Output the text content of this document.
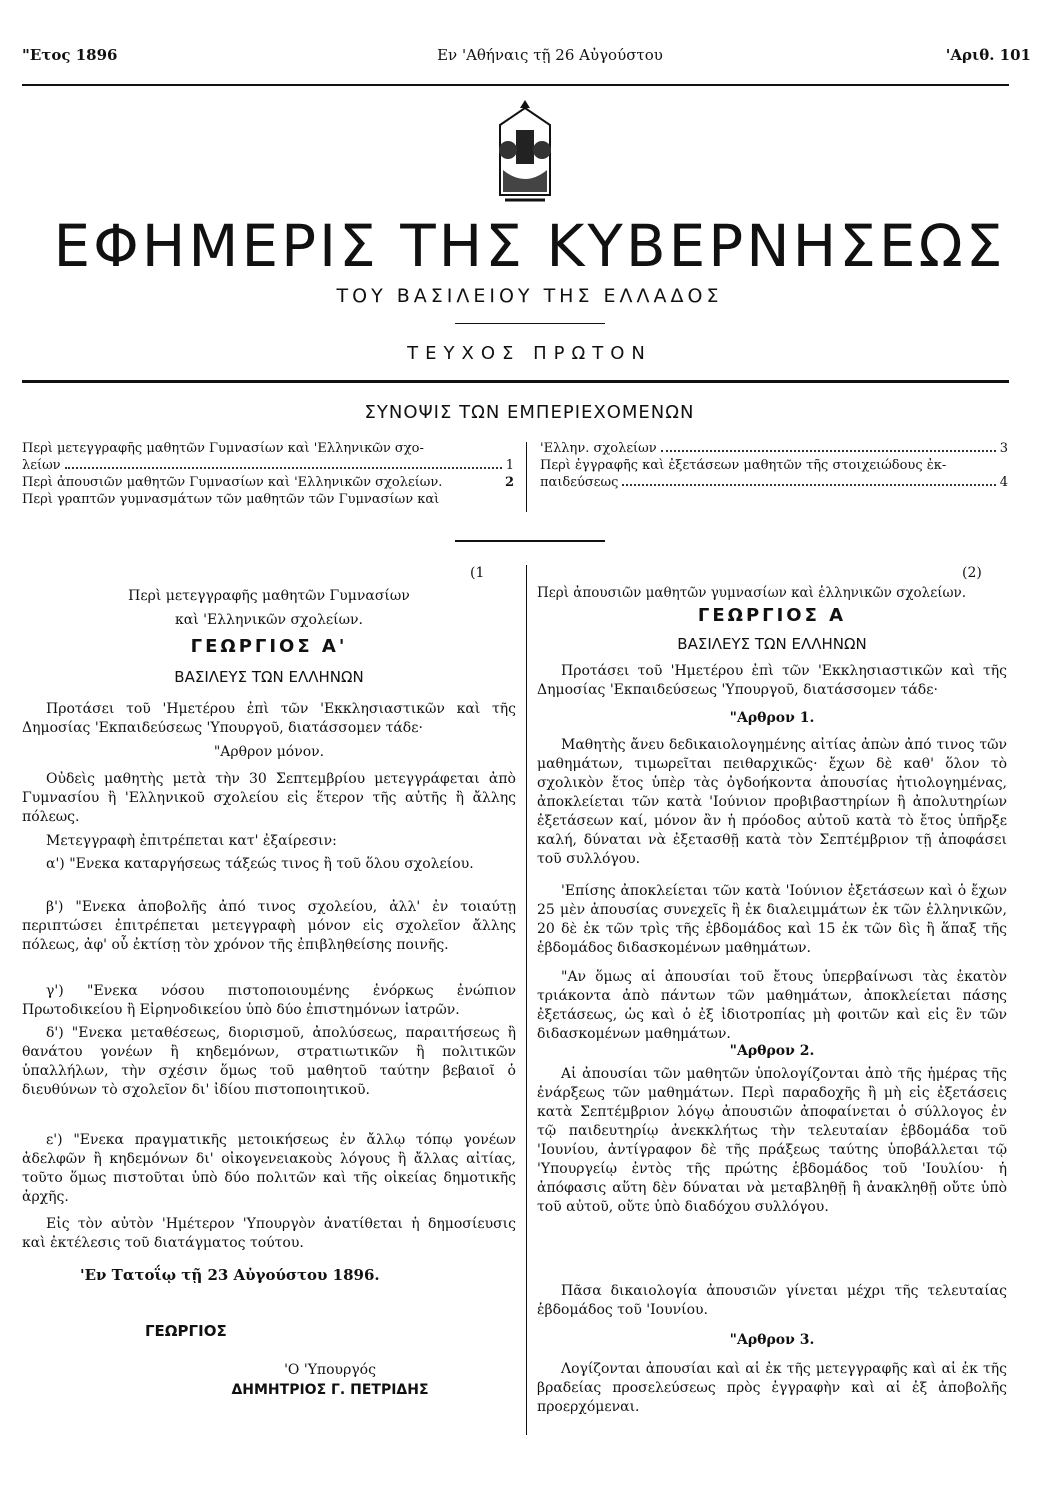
"Ετος 1896	Εν 'Αθήναις τῇ 26 Αὐγούστου	'Αριθ. 101
ΕΦΗΜΕΡΙΣ ΤΗΣ ΚΥΒΕΡΝΗΣΕΩΣ
ΤΟΥ ΒΑΣΙΛΕΙΟΥ ΤΗΣ ΕΛΛΑΔΟΣ
ΤΕΥΧΟΣ ΠΡΩΤΟΝ
ΣΥΝΟΨΙΣ ΤΩΝ ΕΜΠΕΡΙΕΧΟΜΕΝΩΝ
Περὶ μετεγγραφῆς μαθητῶν Γυμνασίων καὶ 'Ελληνικῶν σχο-
λείων	1
Περὶ ἀπουσιῶν μαθητῶν Γυμνασίων καὶ 'Ελληνικῶν σχολείων.	2
Περὶ γραπτῶν γυμνασμάτων τῶν μαθητῶν τῶν Γυμνασίων καὶ
'Ελλην. σχολείων	3
Περὶ ἐγγραφῆς καὶ ἐξετάσεων μαθητῶν τῆς στοιχειώδους ἐκ-
παιδεύσεως	4
(1
Περὶ μετεγγραφῆς μαθητῶν Γυμνασίων
καὶ 'Ελληνικῶν σχολείων.
ΓΕΩΡΓΙΟΣ Α'
ΒΑΣΙΛΕΥΣ ΤΩΝ ΕΛΛΗΝΩΝ

Προτάσει τοῦ 'Ημετέρου ἐπὶ τῶν 'Εκκλησιαστικῶν καὶ τῆς Δημοσίας 'Εκπαιδεύσεως 'Υπουργοῦ, διατάσσομεν τάδε·

"Αρθρον μόνον.

Οὐδεὶς μαθητὴς μετὰ τὴν 30 Σεπτεμβρίου μετεγγράφεται ἀπὸ Γυμνασίου ἢ 'Ελληνικοῦ σχολείου εἰς ἕτερον τῆς αὐτῆς ἢ ἄλλης πόλεως.

Μετεγγραφὴ ἐπιτρέπεται κατ' ἐξαίρεσιν:

α') "Ενεκα καταργήσεως τάξεώς τινος ἢ τοῦ ὅλου σχολείου.

β') "Ενεκα ἀποβολῆς ἀπό τινος σχολείου, ἀλλ' ἐν τοιαύτῃ περιπτώσει ἐπιτρέπεται μετεγγραφὴ μόνον εἰς σχολεῖον ἄλλης πόλεως, ἀφ' οὗ ἐκτίσῃ τὸν χρόνον τῆς ἐπιβληθείσης ποινῆς.

γ') "Ενεκα νόσου πιστοποιουμένης ἐνόρκως ἐνώπιον Πρωτοδικείου ἢ Εἰρηνοδικείου ὑπὸ δύο ἐπιστημόνων ἰατρῶν.

δ') "Ενεκα μεταθέσεως, διορισμοῦ, ἀπολύσεως, παραιτήσεως ἢ θανάτου γονέων ἢ κηδεμόνων, στρατιωτικῶν ἢ πολιτικῶν ὑπαλλήλων, τὴν σχέσιν ὅμως τοῦ μαθητοῦ ταύτην βεβαιοῖ ὁ διευθύνων τὸ σχολεῖον δι' ἰδίου πιστοποιητικοῦ.

ε') "Ενεκα πραγματικῆς μετοικήσεως ἐν ἄλλῳ τόπῳ γονέων ἀδελφῶν ἢ κηδεμόνων δι' οἰκογενειακοὺς λόγους ἢ ἄλλας αἰτίας, τοῦτο ὅμως πιστοῦται ὑπὸ δύο πολιτῶν καὶ τῆς οἰκείας δημοτικῆς ἀρχῆς.

Εἰς τὸν αὐτὸν 'Ημέτερον 'Υπουργὸν ἀνατίθεται ἡ δημοσίευσις καὶ ἐκτέλεσις τοῦ διατάγματος τούτου.

'Εν Τατοΐῳ τῇ 23 Αὐγούστου 1896.
ΓΕΩΡΓΙΟΣ
'Ο 'Υπουργός
ΔΗΜΗΤΡΙΟΣ Γ. ΠΕΤΡΙΔΗΣ
(2)
Περὶ ἀπουσιῶν μαθητῶν γυμνασίων καὶ ἑλληνικῶν σχολείων.
ΓΕΩΡΓΙΟΣ Α
ΒΑΣΙΛΕΥΣ ΤΩΝ ΕΛΛΗΝΩΝ

Προτάσει τοῦ 'Ημετέρου ἐπὶ τῶν 'Εκκλησιαστικῶν καὶ τῆς Δημοσίας 'Εκπαιδεύσεως 'Υπουργοῦ, διατάσσομεν τάδε·

"Αρθρον 1.

Μαθητὴς ἄνευ δεδικαιολογημένης αἰτίας ἀπὼν ἀπό τινος τῶν μαθημάτων, τιμωρεῖται πειθαρχικῶς· ἔχων δὲ καθ' ὅλον τὸ σχολικὸν ἔτος ὑπὲρ τὰς ὀγδοήκοντα ἀπουσίας ἠτιολογημένας, ἀποκλείεται τῶν κατὰ 'Ιούνιον προβιβαστηρίων ἢ ἀπολυτηρίων ἐξετάσεων καί, μόνον ἂν ἡ πρόοδος αὐτοῦ κατὰ τὸ ἔτος ὑπῆρξε καλή, δύναται νὰ ἐξετασθῇ κατὰ τὸν Σεπτέμβριον τῇ ἀποφάσει τοῦ συλλόγου.

'Επίσης ἀποκλείεται τῶν κατὰ 'Ιούνιον ἐξετάσεων καὶ ὁ ἔχων 25 μὲν ἀπουσίας συνεχεῖς ἢ ἐκ διαλειμμάτων ἐκ τῶν ἑλληνικῶν, 20 δὲ ἐκ τῶν τρὶς τῆς ἑβδομάδος καὶ 15 ἐκ τῶν δὶς ἢ ἅπαξ τῆς ἑβδομάδος διδασκομένων μαθημάτων.

"Αν ὅμως αἱ ἀπουσίαι τοῦ ἔτους ὑπερβαίνωσι τὰς ἑκατὸν τριάκοντα ἀπὸ πάντων τῶν μαθημάτων, ἀποκλείεται πάσης ἐξετάσεως, ὡς καὶ ὁ ἐξ ἰδιοτροπίας μὴ φοιτῶν καὶ εἰς ἓν τῶν διδασκομένων μαθημάτων.

"Αρθρον 2.

Αἱ ἀπουσίαι τῶν μαθητῶν ὑπολογίζονται ἀπὸ τῆς ἡμέρας τῆς ἐνάρξεως τῶν μαθημάτων. Περὶ παραδοχῆς ἢ μὴ εἰς ἐξετάσεις κατὰ Σεπτέμβριον λόγῳ ἀπουσιῶν ἀποφαίνεται ὁ σύλλογος ἐν τῷ παιδευτηρίῳ ἀνεκκλήτως τὴν τελευταίαν ἑβδομάδα τοῦ 'Ιουνίου, ἀντίγραφον δὲ τῆς πράξεως ταύτης ὑποβάλλεται τῷ 'Υπουργείῳ ἐντὸς τῆς πρώτης ἑβδομάδος τοῦ 'Ιουλίου· ἡ ἀπόφασις αὕτη δὲν δύναται νὰ μεταβληθῇ ἢ ἀνακληθῇ οὔτε ὑπὸ τοῦ αὐτοῦ, οὔτε ὑπὸ διαδόχου συλλόγου.

Πᾶσα δικαιολογία ἀπουσιῶν γίνεται μέχρι τῆς τελευταίας ἑβδομάδος τοῦ 'Ιουνίου.

"Αρθρον 3.

Λογίζονται ἀπουσίαι καὶ αἱ ἐκ τῆς μετεγγραφῆς καὶ αἱ ἐκ τῆς βραδείας προσελεύσεως πρὸς ἐγγραφὴν καὶ αἱ ἐξ ἀποβολῆς προερχόμεναι.
